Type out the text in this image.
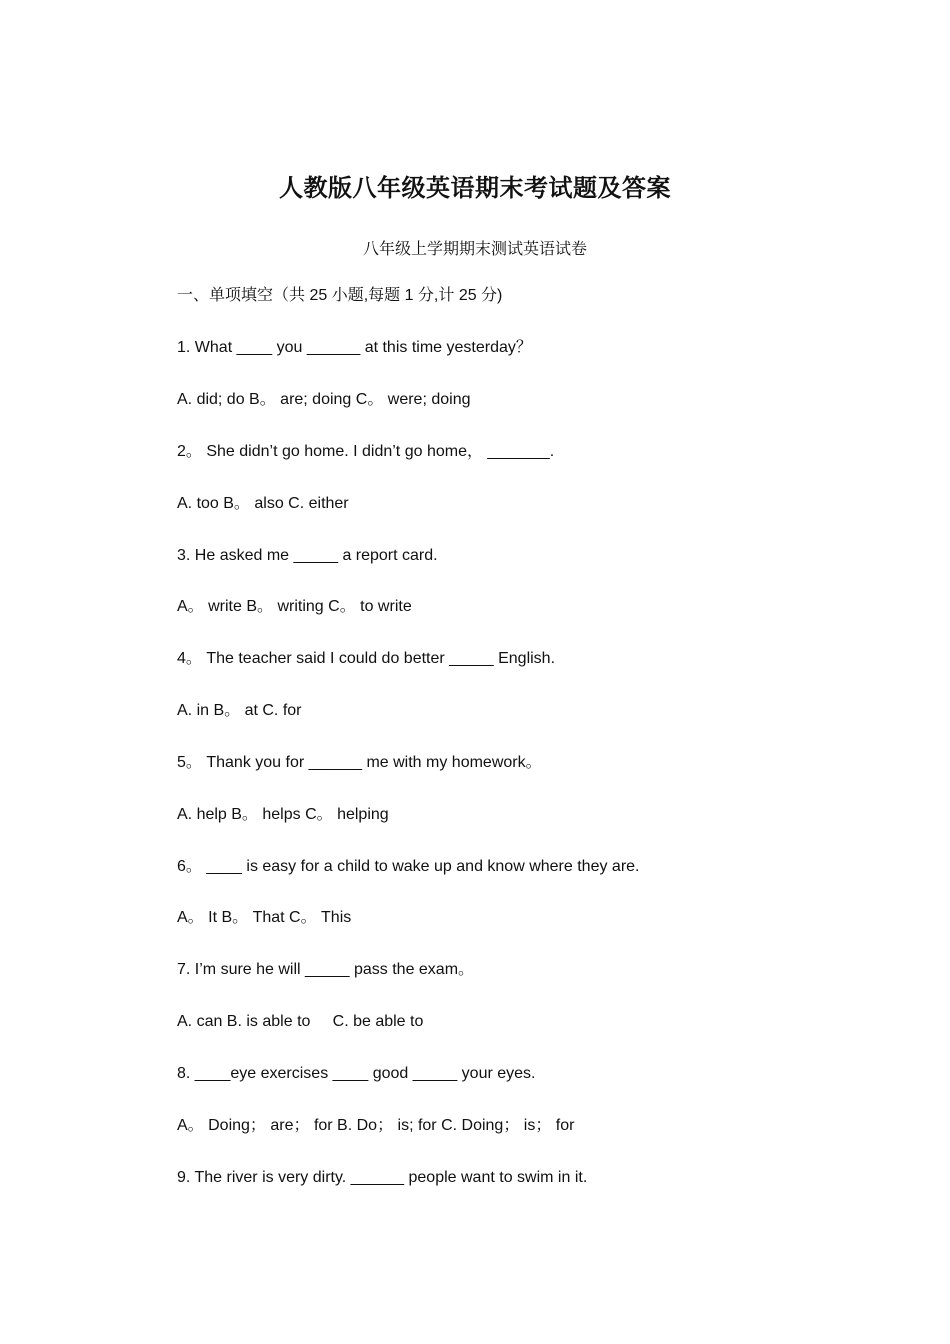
人教版八年级英语期末考试题及答案
八年级上学期期末测试英语试卷
一、单项填空（共 25 小题,每题 1 分,计 25 分)
1. What ____ you ______ at this time yesterday？
A. did; do B。 are; doing C。 were; doing
2。 She didn’t go home. I didn’t go home， _______.
A. too B。 also C. either
3. He asked me _____ a report card.
A。 write B。 writing C。 to write
4。 The teacher said I could do better _____ English.
A. in B。 at C. for
5。 Thank you for ______ me with my homework。
A. help B。 helps C。 helping
6。 ____ is easy for a child to wake up and know where they are.
A。 It B。 That C。 This
7. I’m sure he will _____ pass the exam。
A. can B. is able to     C. be able to
8. ____eye exercises ____ good _____ your eyes.
A。 Doing； are； for B. Do； is; for C. Doing； is； for
9. The river is very dirty. ______ people want to swim in it.
